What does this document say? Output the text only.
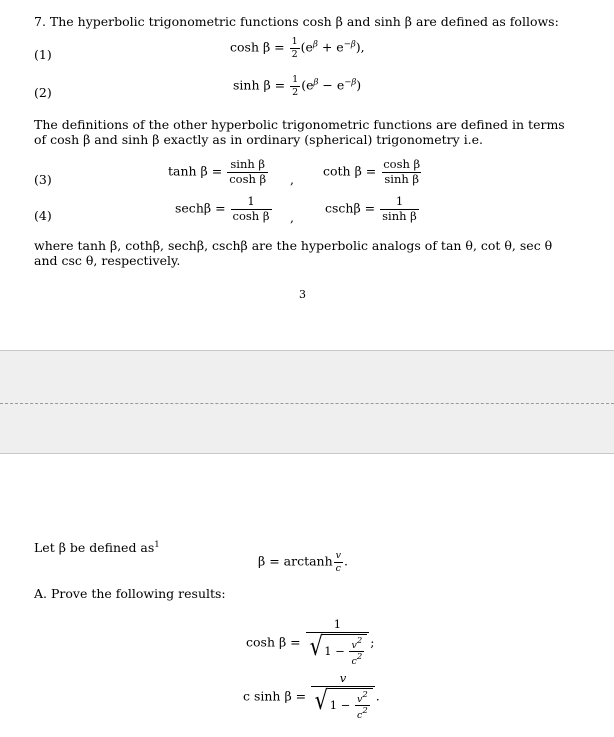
7. The hyperbolic trigonometric functions cosh β and sinh β are defined as follows:
(1)	$\cosh \beta = \frac{1}{2} (e^\beta + e^{-\beta})$,
(2)	$\sinh \beta = \frac{1}{2} (e^\beta - e^{-\beta})$

The definitions of the other hyperbolic trigonometric functions are defined in terms of cosh β and sinh β exactly as in ordinary (spherical) trigonometry i.e.

(3)
$\tanh \beta = \frac{\text{sinh β}}{\text{cosh β}}$ ,
coth $\beta = \frac{\text{cosh β}}{\text{sinh β}}$
(4)	$\sec h\beta = \frac{1}{\text{cosh β}}$ ,
$\csc h\beta = \frac{1}{\text{sinh β}}$

where tanh β, cothβ, sechβ, cschβ are the hyperbolic analogs of tan θ, cot θ, sec θ and csc θ, respectively.

3
Let β be defined $as^1$
β = arctanh $\frac{v}{c}$ .
A. Prove the following results:
cosh β = 1
√ 1 −
$\frac{v2}{c2}$ ;
c sinh β = v
√ 1 −
$\frac{v2}{c2}$ .
